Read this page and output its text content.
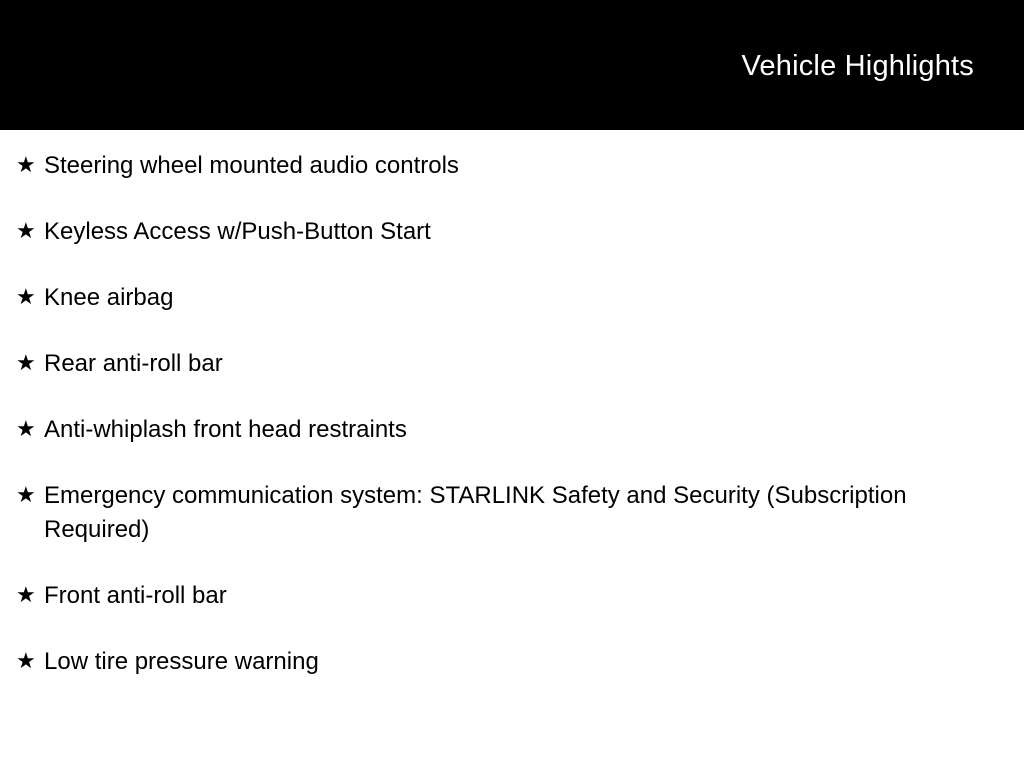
Vehicle Highlights
★ Steering wheel mounted audio controls
★ Keyless Access w/Push-Button Start
★ Knee airbag
★ Rear anti-roll bar
★ Anti-whiplash front head restraints
★ Emergency communication system: STARLINK Safety and Security (Subscription Required)
★ Front anti-roll bar
★ Low tire pressure warning
